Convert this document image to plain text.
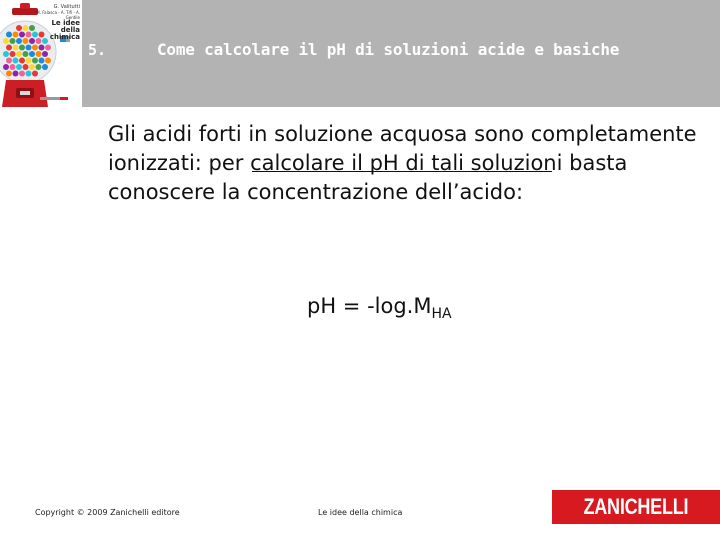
G. Valitutti
M. Falasca - A. Tifi - A. Gentile
Le idee della
chimica
5.	Come calcolare il pH di soluzioni acide e basiche

Gli acidi forti in soluzione acquosa sono completamente ionizzati: per calcolare il pH di tali soluzioni basta conoscere la concentrazione dell’acido:

pH = $-\log.M_{HA}$
Copyright © 2009 Zanichelli editore	Le idee della chimica	ZANICHELLI
